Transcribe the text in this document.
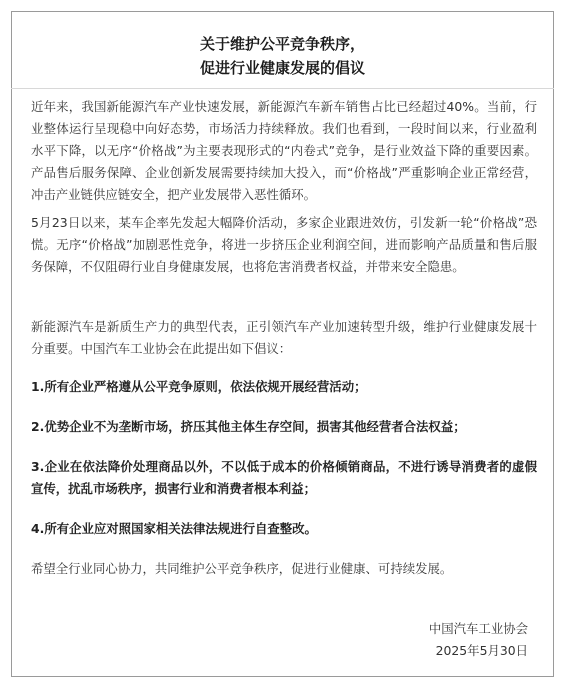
关于维护公平竞争秩序，
促进行业健康发展的倡议
近年来，我国新能源汽车产业快速发展，新能源汽车新车销售占比已经超过40%。当前，行业整体运行呈现稳中向好态势，市场活力持续释放。我们也看到，一段时间以来，行业盈利水平下降，以无序“价格战”为主要表现形式的“内卷式”竞争，是行业效益下降的重要因素。产品售后服务保障、企业创新发展需要持续加大投入，而“价格战”严重影响企业正常经营，冲击产业链供应链安全，把产业发展带入恶性循环。
5月23日以来，某车企率先发起大幅降价活动，多家企业跟进效仿，引发新一轮“价格战”恐慌。无序“价格战”加剧恶性竞争，将进一步挤压企业利润空间，进而影响产品质量和售后服务保障，不仅阻碍行业自身健康发展，也将危害消费者权益，并带来安全隐患。
新能源汽车是新质生产力的典型代表，正引领汽车产业加速转型升级，维护行业健康发展十分重要。中国汽车工业协会在此提出如下倡议：
1.所有企业严格遵从公平竞争原则，依法依规开展经营活动；
2.优势企业不为垄断市场，挤压其他主体生存空间，损害其他经营者合法权益；
3.企业在依法降价处理商品以外，不以低于成本的价格倾销商品，不进行诱导消费者的虚假宣传，扰乱市场秩序，损害行业和消费者根本利益；
4.所有企业应对照国家相关法律法规进行自查整改。
希望全行业同心协力，共同维护公平竞争秩序，促进行业健康、可持续发展。
中国汽车工业协会
2025年5月30日
